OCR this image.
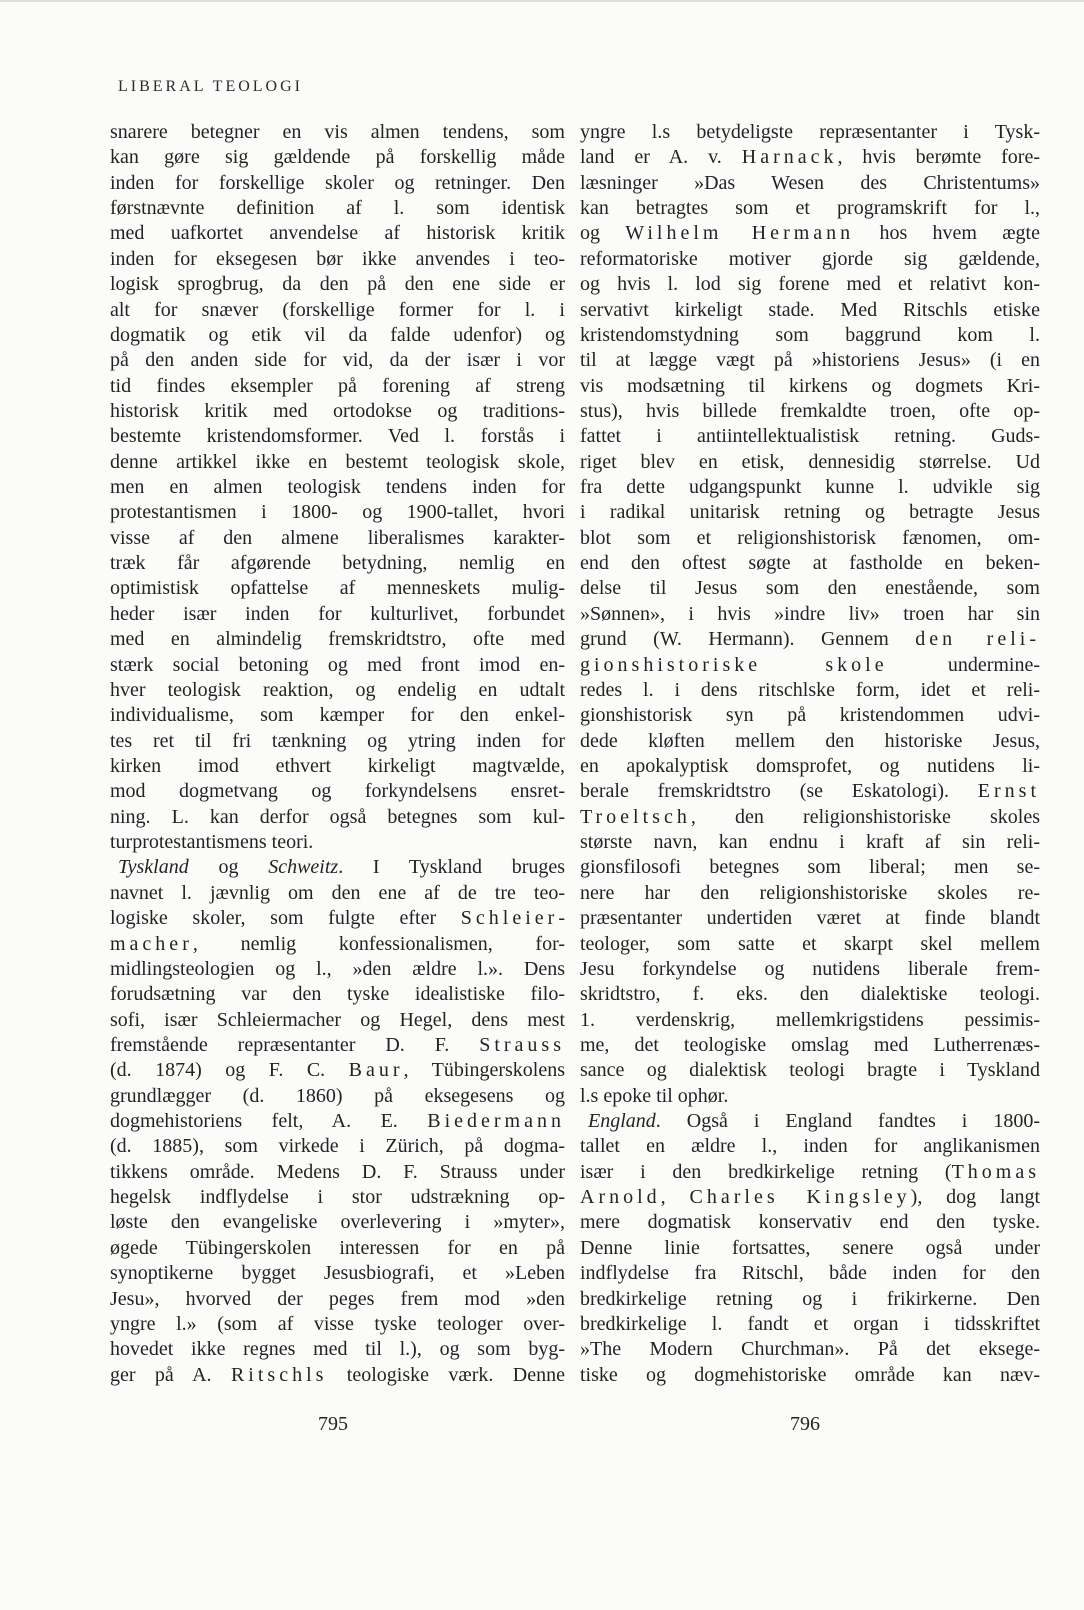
LIBERAL TEOLOGI
snarere betegner en vis almen tendens, som
kan gøre sig gældende på forskellig måde
inden for forskellige skoler og retninger. Den
førstnævnte definition af l. som identisk
med uafkortet anvendelse af historisk kritik
inden for eksegesen bør ikke anvendes i teo-
logisk sprogbrug, da den på den ene side er
alt for snæver (forskellige former for l. i
dogmatik og etik vil da falde udenfor) og
på den anden side for vid, da der især i vor
tid findes eksempler på forening af streng
historisk kritik med ortodokse og traditions-
bestemte kristendomsformer. Ved l. forstås i
denne artikkel ikke en bestemt teologisk skole,
men en almen teologisk tendens inden for
protestantismen i 1800- og 1900-tallet, hvori
visse af den almene liberalismes karakter-
træk får afgørende betydning, nemlig en
optimistisk opfattelse af menneskets mulig-
heder især inden for kulturlivet, forbundet
med en almindelig fremskridtstro, ofte med
stærk social betoning og med front imod en-
hver teologisk reaktion, og endelig en udtalt
individualisme, som kæmper for den enkel-
tes ret til fri tænkning og ytring inden for
kirken imod ethvert kirkeligt magtvælde,
mod dogmetvang og forkyndelsens ensret-
ning. L. kan derfor også betegnes som kul-
turprotestantismens teori.
Tyskland og Schweitz. I Tyskland bruges
navnet l. jævnlig om den ene af de tre teo-
logiske skoler, som fulgte efter Schleier-
macher, nemlig konfessionalismen, for-
midlingsteologien og l., »den ældre l.». Dens
forudsætning var den tyske idealistiske filo-
sofi, især Schleiermacher og Hegel, dens mest
fremstående repræsentanter D. F. Strauss
(d. 1874) og F. C. Baur, Tübingerskolens
grundlægger (d. 1860) på eksegesens og
dogmehistoriens felt, A. E. Biedermann
(d. 1885), som virkede i Zürich, på dogma-
tikkens område. Medens D. F. Strauss under
hegelsk indflydelse i stor udstrækning op-
løste den evangeliske overlevering i »myter»,
øgede Tübingerskolen interessen for en på
synoptikerne bygget Jesusbiografi, et »Leben
Jesu», hvorved der peges frem mod »den
yngre l.» (som af visse tyske teologer over-
hovedet ikke regnes med til l.), og som byg-
ger på A. Ritschls teologiske værk. Denne
yngre l.s betydeligste repræsentanter i Tysk-
land er A. v. Harnack, hvis berømte fore-
læsninger »Das Wesen des Christentums»
kan betragtes som et programskrift for l.,
og Wilhelm Hermann hos hvem ægte
reformatoriske motiver gjorde sig gældende,
og hvis l. lod sig forene med et relativt kon-
servativt kirkeligt stade. Med Ritschls etiske
kristendomstydning som baggrund kom l.
til at lægge vægt på »historiens Jesus» (i en
vis modsætning til kirkens og dogmets Kri-
stus), hvis billede fremkaldte troen, ofte op-
fattet i antiintellektualistisk retning. Guds-
riget blev en etisk, dennesidig størrelse. Ud
fra dette udgangspunkt kunne l. udvikle sig
i radikal unitarisk retning og betragte Jesus
blot som et religionshistorisk fænomen, om-
end den oftest søgte at fastholde en beken-
delse til Jesus som den enestående, som
»Sønnen», i hvis »indre liv» troen har sin
grund (W. Hermann). Gennem den reli-
gionshistoriske skole undermine-
redes l. i dens ritschlske form, idet et reli-
gionshistorisk syn på kristendommen udvi-
dede kløften mellem den historiske Jesus,
en apokalyptisk domsprofet, og nutidens li-
berale fremskridtstro (se Eskatologi). Ernst
Troeltsch, den religionshistoriske skoles
største navn, kan endnu i kraft af sin reli-
gionsfilosofi betegnes som liberal; men se-
nere har den religionshistoriske skoles re-
præsentanter undertiden været at finde blandt
teologer, som satte et skarpt skel mellem
Jesu forkyndelse og nutidens liberale frem-
skridtstro, f. eks. den dialektiske teologi.
1. verdenskrig, mellemkrigstidens pessimis-
me, det teologiske omslag med Lutherrenæs-
sance og dialektisk teologi bragte i Tyskland
l.s epoke til ophør.
England. Også i England fandtes i 1800-
tallet en ældre l., inden for anglikanismen
især i den bredkirkelige retning (Thomas
Arnold, Charles Kingsley), dog langt
mere dogmatisk konservativ end den tyske.
Denne linie fortsattes, senere også under
indflydelse fra Ritschl, både inden for den
bredkirkelige retning og i frikirkerne. Den
bredkirkelige l. fandt et organ i tidsskriftet
»The Modern Churchman». På det eksege-
tiske og dogmehistoriske område kan næv-
795	796
